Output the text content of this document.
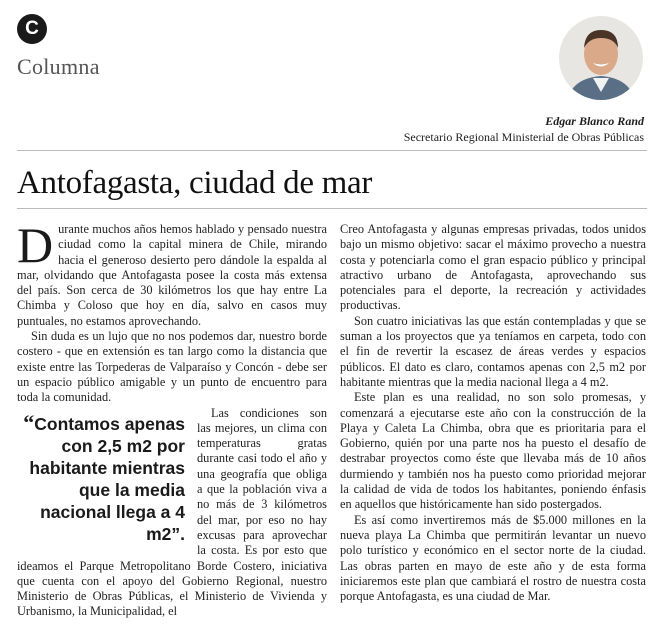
C
Columna
Edgar Blanco Rand
Secretario Regional Ministerial de Obras Públicas
Antofagasta, ciudad de mar

Durante muchos años hemos hablado y pensado nuestra ciudad como la capital minera de Chile, mirando hacia el generoso desierto pero dándole la espalda al mar, olvidando que Antofagasta posee la costa más extensa del país. Son cerca de 30 kilómetros los que hay entre La Chimba y Coloso que hoy en día, salvo en casos muy puntuales, no estamos aprovechando.

Sin duda es un lujo que no nos podemos dar, nuestro borde costero - que en extensión es tan largo como la distancia que existe entre las Torpederas de Valparaíso y Concón - debe ser un espacio público amigable y un punto de encuentro para toda la comunidad.

“Contamos apenas con 2,5 m2 por habitante mientras que la media nacional llega a 4 m2”.

Las condiciones son las mejores, un clima con temperaturas gratas durante casi todo el año y una geografía que obliga a que la población viva a no más de 3 kilómetros del mar, por eso no hay excusas para aprovechar la costa. Es por esto que ideamos el Parque Metropolitano Borde Costero, iniciativa que cuenta con el apoyo del Gobierno Regional, nuestro Ministerio de Obras Públicas, el Ministerio de Vivienda y Urbanismo, la Municipalidad, el

Creo Antofagasta y algunas empresas privadas, todos unidos bajo un mismo objetivo: sacar el máximo provecho a nuestra costa y potenciarla como el gran espacio público y principal atractivo urbano de Antofagasta, aprovechando sus potenciales para el deporte, la recreación y actividades productivas.

Son cuatro iniciativas las que están contempladas y que se suman a los proyectos que ya teníamos en carpeta, todo con el fin de revertir la escasez de áreas verdes y espacios públicos. El dato es claro, contamos apenas con 2,5 m2 por habitante mientras que la media nacional llega a 4 m2.

Este plan es una realidad, no son solo promesas, y comenzará a ejecutarse este año con la construcción de la Playa y Caleta La Chimba, obra que es prioritaria para el Gobierno, quién por una parte nos ha puesto el desafío de destrabar proyectos como éste que llevaba más de 10 años durmiendo y también nos ha puesto como prioridad mejorar la calidad de vida de todos los habitantes, poniendo énfasis en aquellos que históricamente han sido postergados.

Es así como invertiremos más de $5.000 millones en la nueva playa La Chimba que permitirán levantar un nuevo polo turístico y económico en el sector norte de la ciudad. Las obras parten en mayo de este año y de esta forma iniciaremos este plan que cambiará el rostro de nuestra costa porque Antofagasta, es una ciudad de Mar.
